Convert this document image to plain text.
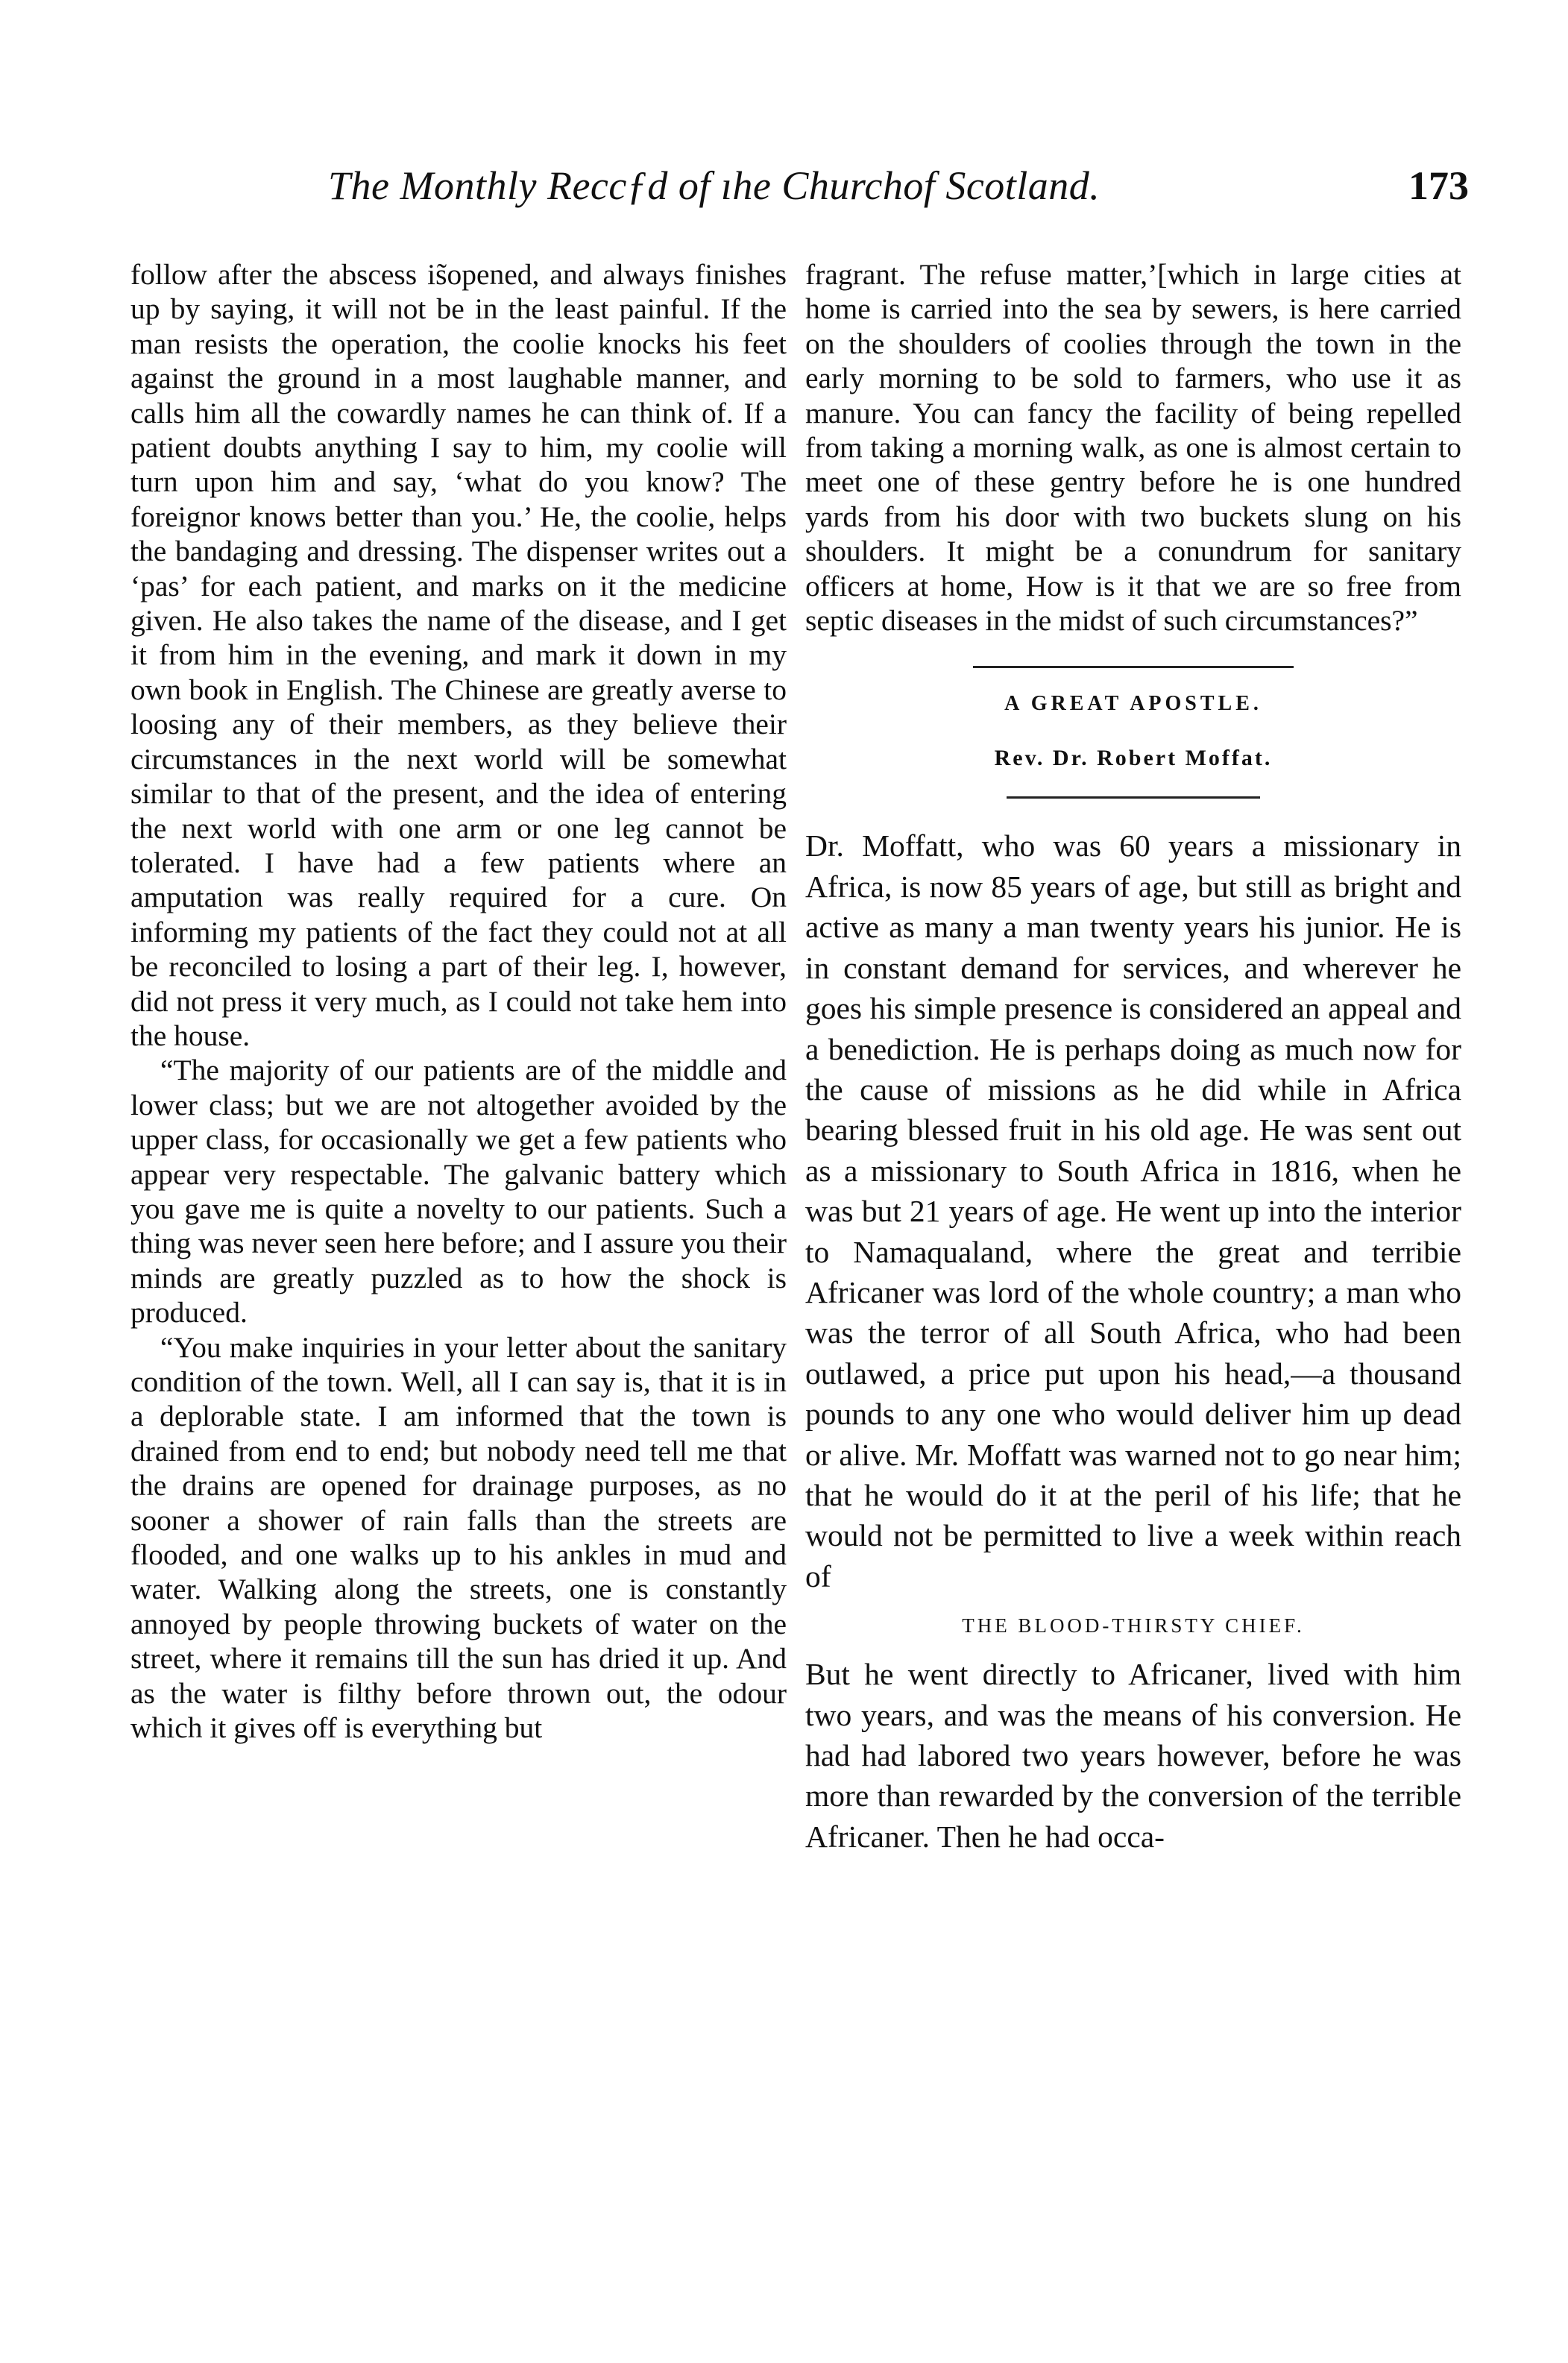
The Monthly Reccƒd of ıhe Churchof Scotland.	173

follow after the abscess is̃opened, and always finishes up by saying, it will not be in the least painful. If the man resists the operation, the coolie knocks his feet against the ground in a most laughable manner, and calls him all the cowardly names he can think of. If a patient doubts anything I say to him, my coolie will turn upon him and say, ‘what do you know? The foreignor knows better than you.’ He, the coolie, helps the bandaging and dressing. The dispenser writes out a ‘pas’ for each patient, and marks on it the medicine given. He also takes the name of the disease, and I get it from him in the evening, and mark it down in my own book in English. The Chinese are greatly averse to loosing any of their members, as they believe their circumstances in the next world will be somewhat similar to that of the present, and the idea of entering the next world with one arm or one leg cannot be tolerated. I have had a few patients where an amputation was really required for a cure. On informing my patients of the fact they could not at all be reconciled to losing a part of their leg. I, however, did not press it very much, as I could not take hem into the house.

“The majority of our patients are of the middle and lower class; but we are not altogether avoided by the upper class, for occasionally we get a few patients who appear very respectable. The galvanic battery which you gave me is quite a novelty to our patients. Such a thing was never seen here before; and I assure you their minds are greatly puzzled as to how the shock is produced.

“You make inquiries in your letter about the sanitary condition of the town. Well, all I can say is, that it is in a deplorable state. I am informed that the town is drained from end to end; but nobody need tell me that the drains are opened for drainage purposes, as no sooner a shower of rain falls than the streets are flooded, and one walks up to his ankles in mud and water. Walking along the streets, one is constantly annoyed by people throwing buckets of water on the street, where it remains till the sun has dried it up. And as the water is filthy before thrown out, the odour which it gives off is everything but

fragrant. The refuse matter,’[which in large cities at home is carried into the sea by sewers, is here carried on the shoulders of coolies through the town in the early morning to be sold to farmers, who use it as manure. You can fancy the facility of being repelled from taking a morning walk, as one is almost certain to meet one of these gentry before he is one hundred yards from his door with two buckets slung on his shoulders. It might be a conundrum for sanitary officers at home, How is it that we are so free from septic diseases in the midst of such circumstances?”

A GREAT APOSTLE.
Rev. Dr. Robert Moffat.

Dr. Moffatt, who was 60 years a missionary in Africa, is now 85 years of age, but still as bright and active as many a man twenty years his junior. He is in constant demand for services, and wherever he goes his simple presence is considered an appeal and a benediction. He is perhaps doing as much now for the cause of missions as he did while in Africa bearing blessed fruit in his old age. He was sent out as a missionary to South Africa in 1816, when he was but 21 years of age. He went up into the interior to Namaqualand, where the great and terribie Africaner was lord of the whole country; a man who was the terror of all South Africa, who had been outlawed, a price put upon his head,—a thousand pounds to any one who would deliver him up dead or alive. Mr. Moffatt was warned not to go near him; that he would do it at the peril of his life; that he would not be permitted to live a week within reach of

THE BLOOD-THIRSTY CHIEF.

But he went directly to Africaner, lived with him two years, and was the means of his conversion. He had had labored two years however, before he was more than rewarded by the conversion of the terrible Africaner. Then he had occa-
